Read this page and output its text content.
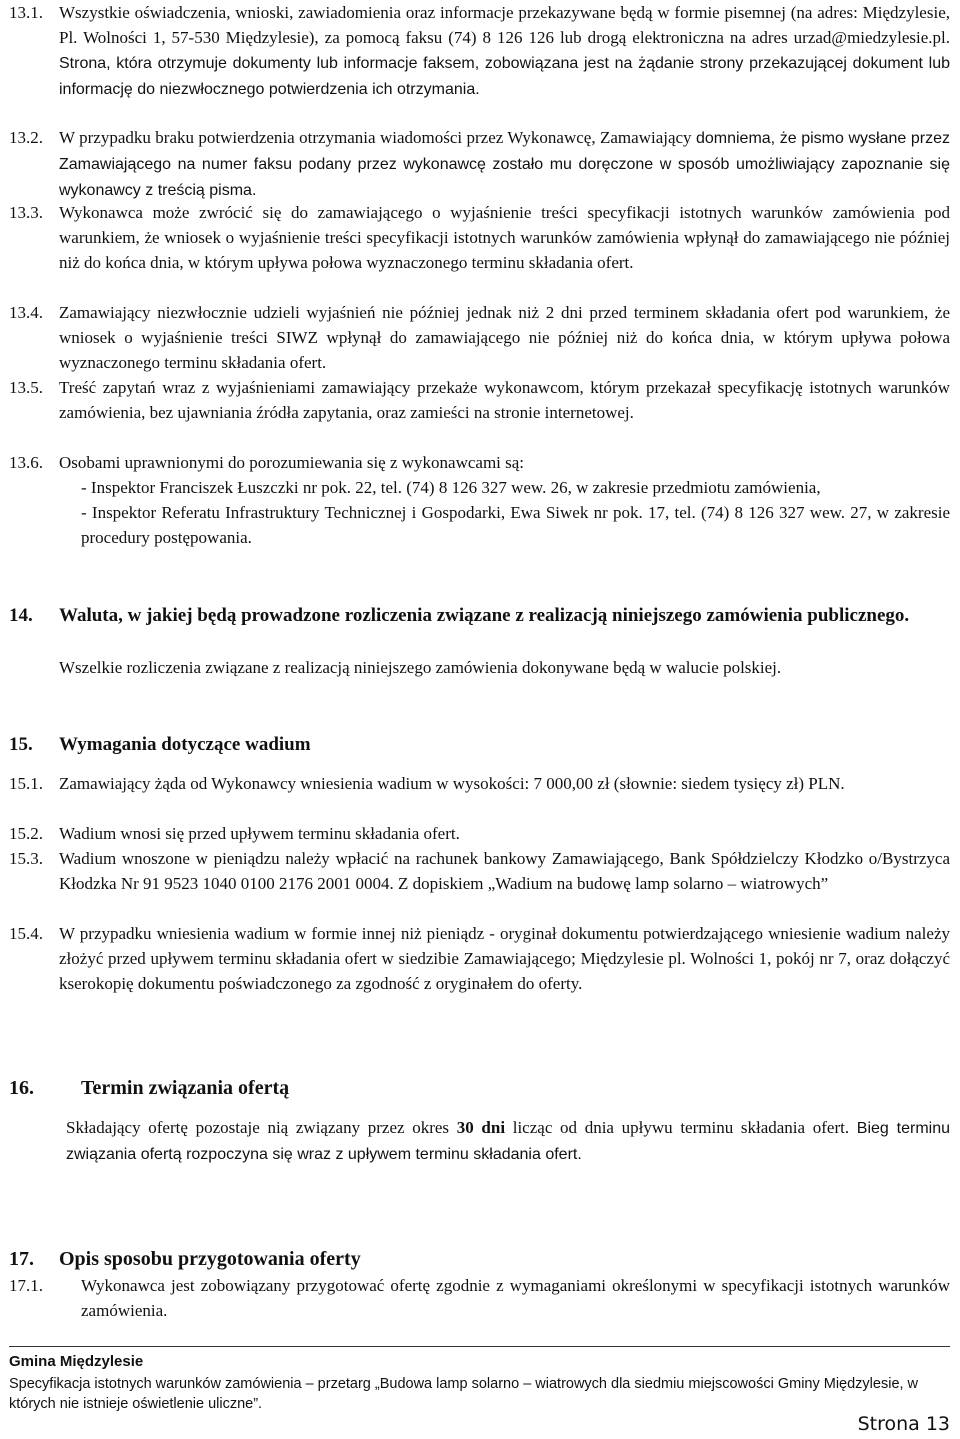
13.1. Wszystkie oświadczenia, wnioski, zawiadomienia oraz informacje przekazywane będą w formie pisemnej (na adres: Międzylesie, Pl. Wolności 1, 57-530 Międzylesie), za pomocą faksu (74) 8 126 126 lub drogą elektroniczna na adres urzad@miedzylesie.pl. Strona, która otrzymuje dokumenty lub informacje faksem, zobowiązana jest na żądanie strony przekazującej dokument lub informację do niezwłocznego potwierdzenia ich otrzymania.
13.2. W przypadku braku potwierdzenia otrzymania wiadomości przez Wykonawcę, Zamawiający domniema, że pismo wysłane przez Zamawiającego na numer faksu podany przez wykonawcę zostało mu doręczone w sposób umożliwiający zapoznanie się wykonawcy z treścią pisma.
13.3. Wykonawca może zwrócić się do zamawiającego o wyjaśnienie treści specyfikacji istotnych warunków zamówienia pod warunkiem, że wniosek o wyjaśnienie treści specyfikacji istotnych warunków zamówienia wpłynął do zamawiającego nie później niż do końca dnia, w którym upływa połowa wyznaczonego terminu składania ofert.
13.4. Zamawiający niezwłocznie udzieli wyjaśnień nie później jednak niż 2 dni przed terminem składania ofert pod warunkiem, że wniosek o wyjaśnienie treści SIWZ wpłynął do zamawiającego nie później niż do końca dnia, w którym upływa połowa wyznaczonego terminu składania ofert.
13.5. Treść zapytań wraz z wyjaśnieniami zamawiający przekaże wykonawcom, którym przekazał specyfikację istotnych warunków zamówienia, bez ujawniania źródła zapytania, oraz zamieści na stronie internetowej.
13.6. Osobami uprawnionymi do porozumiewania się z wykonawcami są:
- Inspektor Franciszek Łuszczki nr pok. 22, tel. (74) 8 126 327 wew. 26, w zakresie przedmiotu zamówienia,
- Inspektor Referatu Infrastruktury Technicznej i Gospodarki, Ewa Siwek nr pok. 17, tel. (74) 8 126 327 wew. 27, w zakresie procedury postępowania.
14. Waluta, w jakiej będą prowadzone rozliczenia związane z realizacją niniejszego zamówienia publicznego.
Wszelkie rozliczenia związane z realizacją niniejszego zamówienia dokonywane będą w walucie polskiej.
15. Wymagania dotyczące wadium
15.1. Zamawiający żąda od Wykonawcy wniesienia wadium w wysokości: 7 000,00 zł (słownie: siedem tysięcy zł) PLN.
15.2. Wadium wnosi się przed upływem terminu składania ofert.
15.3. Wadium wnoszone w pieniądzu należy wpłacić na rachunek bankowy Zamawiającego, Bank Spółdzielczy Kłodzko o/Bystrzyca Kłodzka Nr 91 9523 1040 0100 2176 2001 0004. Z dopiskiem „Wadium na budowę lamp solarno – wiatrowych”
15.4. W przypadku wniesienia wadium w formie innej niż pieniądz - oryginał dokumentu potwierdzającego wniesienie wadium należy złożyć przed upływem terminu składania ofert w siedzibie Zamawiającego; Międzylesie pl. Wolności 1, pokój nr 7, oraz dołączyć kserokopię dokumentu poświadczonego za zgodność z oryginałem do oferty.
16. Termin związania ofertą
Składający ofertę pozostaje nią związany przez okres 30 dni licząc od dnia upływu terminu składania ofert. Bieg terminu związania ofertą rozpoczyna się wraz z upływem terminu składania ofert.
17. Opis sposobu przygotowania oferty
17.1. Wykonawca jest zobowiązany przygotować ofertę zgodnie z wymaganiami określonymi w specyfikacji istotnych warunków zamówienia.
Gmina Międzylesie
Specyfikacja istotnych warunków zamówienia – przetarg „Budowa lamp solarno – wiatrowych dla siedmiu miejscowości Gminy Międzylesie, w których nie istnieje oświetlenie uliczne”.
Strona 13
